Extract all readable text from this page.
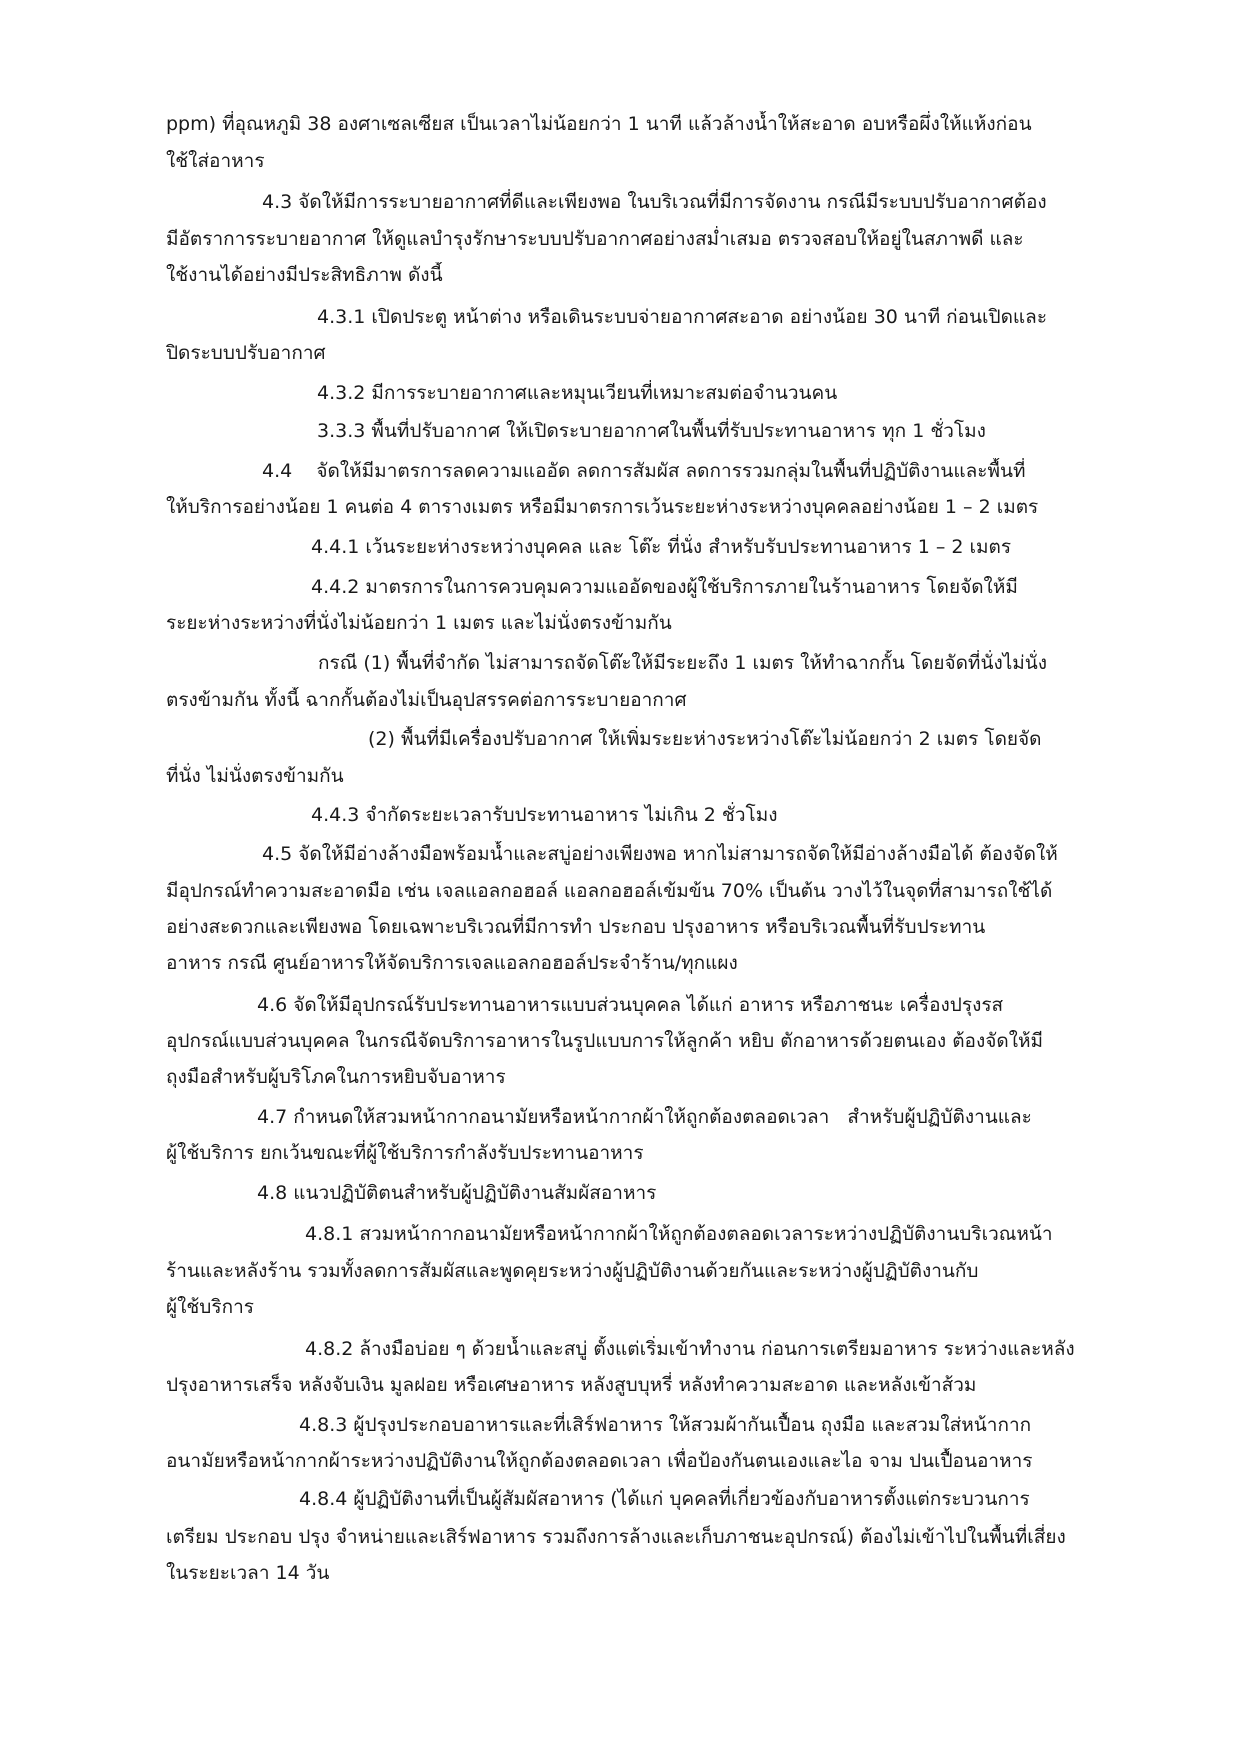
ppm) ที่อุณหภูมิ 38 องศาเซลเซียส เป็นเวลาไม่น้อยกว่า 1 นาที แล้วล้างน้ำให้สะอาด อบหรือผึ่งให้แห้งก่อน
ใช้ใส่อาหาร
4.3 จัดให้มีการระบายอากาศที่ดีและเพียงพอ ในบริเวณที่มีการจัดงาน กรณีมีระบบปรับอากาศต้อง
มีอัตราการระบายอากาศ ให้ดูแลบำรุงรักษาระบบปรับอากาศอย่างสม่ำเสมอ ตรวจสอบให้อยู่ในสภาพดี และ
ใช้งานได้อย่างมีประสิทธิภาพ ดังนี้
4.3.1 เปิดประตู หน้าต่าง หรือเดินระบบจ่ายอากาศสะอาด อย่างน้อย 30 นาที ก่อนเปิดและ
ปิดระบบปรับอากาศ
4.3.2 มีการระบายอากาศและหมุนเวียนที่เหมาะสมต่อจำนวนคน
3.3.3 พื้นที่ปรับอากาศ ให้เปิดระบายอากาศในพื้นที่รับประทานอาหาร ทุก 1 ชั่วโมง
4.4    จัดให้มีมาตรการลดความแออัด ลดการสัมผัส ลดการรวมกลุ่มในพื้นที่ปฏิบัติงานและพื้นที่
ให้บริการอย่างน้อย 1 คนต่อ 4 ตารางเมตร หรือมีมาตรการเว้นระยะห่างระหว่างบุคคลอย่างน้อย 1 – 2 เมตร
4.4.1 เว้นระยะห่างระหว่างบุคคล และ โต๊ะ ที่นั่ง สำหรับรับประทานอาหาร 1 – 2 เมตร
4.4.2 มาตรการในการควบคุมความแออัดของผู้ใช้บริการภายในร้านอาหาร โดยจัดให้มี
ระยะห่างระหว่างที่นั่งไม่น้อยกว่า 1 เมตร และไม่นั่งตรงข้ามกัน
กรณี (1) พื้นที่จำกัด ไม่สามารถจัดโต๊ะให้มีระยะถึง 1 เมตร ให้ทำฉากกั้น โดยจัดที่นั่งไม่นั่ง
ตรงข้ามกัน ทั้งนี้ ฉากกั้นต้องไม่เป็นอุปสรรคต่อการระบายอากาศ
(2) พื้นที่มีเครื่องปรับอากาศ ให้เพิ่มระยะห่างระหว่างโต๊ะไม่น้อยกว่า 2 เมตร โดยจัด
ที่นั่ง ไม่นั่งตรงข้ามกัน
4.4.3 จำกัดระยะเวลารับประทานอาหาร ไม่เกิน 2 ชั่วโมง
4.5 จัดให้มีอ่างล้างมือพร้อมน้ำและสบู่อย่างเพียงพอ หากไม่สามารถจัดให้มีอ่างล้างมือได้ ต้องจัดให้
มีอุปกรณ์ทำความสะอาดมือ เช่น เจลแอลกอฮอล์ แอลกอฮอล์เข้มข้น 70% เป็นต้น วางไว้ในจุดที่สามารถใช้ได้
อย่างสะดวกและเพียงพอ โดยเฉพาะบริเวณที่มีการทำ ประกอบ ปรุงอาหาร หรือบริเวณพื้นที่รับประทาน
อาหาร กรณี ศูนย์อาหารให้จัดบริการเจลแอลกอฮอล์ประจำร้าน/ทุกแผง
4.6 จัดให้มีอุปกรณ์รับประทานอาหารแบบส่วนบุคคล ได้แก่ อาหาร หรือภาชนะ เครื่องปรุงรส
อุปกรณ์แบบส่วนบุคคล ในกรณีจัดบริการอาหารในรูปแบบการให้ลูกค้า หยิบ ตักอาหารด้วยตนเอง ต้องจัดให้มี
ถุงมือสำหรับผู้บริโภคในการหยิบจับอาหาร
4.7 กำหนดให้สวมหน้ากากอนามัยหรือหน้ากากผ้าให้ถูกต้องตลอดเวลา   สำหรับผู้ปฏิบัติงานและ
ผู้ใช้บริการ ยกเว้นขณะที่ผู้ใช้บริการกำลังรับประทานอาหาร
4.8 แนวปฏิบัติตนสำหรับผู้ปฏิบัติงานสัมผัสอาหาร
4.8.1 สวมหน้ากากอนามัยหรือหน้ากากผ้าให้ถูกต้องตลอดเวลาระหว่างปฏิบัติงานบริเวณหน้า
ร้านและหลังร้าน รวมทั้งลดการสัมผัสและพูดคุยระหว่างผู้ปฏิบัติงานด้วยกันและระหว่างผู้ปฏิบัติงานกับ
ผู้ใช้บริการ
4.8.2 ล้างมือบ่อย ๆ ด้วยน้ำและสบู่ ตั้งแต่เริ่มเข้าทำงาน ก่อนการเตรียมอาหาร ระหว่างและหลัง
ปรุงอาหารเสร็จ หลังจับเงิน มูลฝอย หรือเศษอาหาร หลังสูบบุหรี่ หลังทำความสะอาด และหลังเข้าส้วม
4.8.3 ผู้ปรุงประกอบอาหารและที่เสิร์ฟอาหาร ให้สวมผ้ากันเปื้อน ถุงมือ และสวมใส่หน้ากาก
อนามัยหรือหน้ากากผ้าระหว่างปฏิบัติงานให้ถูกต้องตลอดเวลา เพื่อป้องกันตนเองและไอ จาม ปนเปื้อนอาหาร
4.8.4 ผู้ปฏิบัติงานที่เป็นผู้สัมผัสอาหาร (ได้แก่ บุคคลที่เกี่ยวข้องกับอาหารตั้งแต่กระบวนการ
เตรียม ประกอบ ปรุง จำหน่ายและเสิร์ฟอาหาร รวมถึงการล้างและเก็บภาชนะอุปกรณ์) ต้องไม่เข้าไปในพื้นที่เสี่ยง
ในระยะเวลา 14 วัน
